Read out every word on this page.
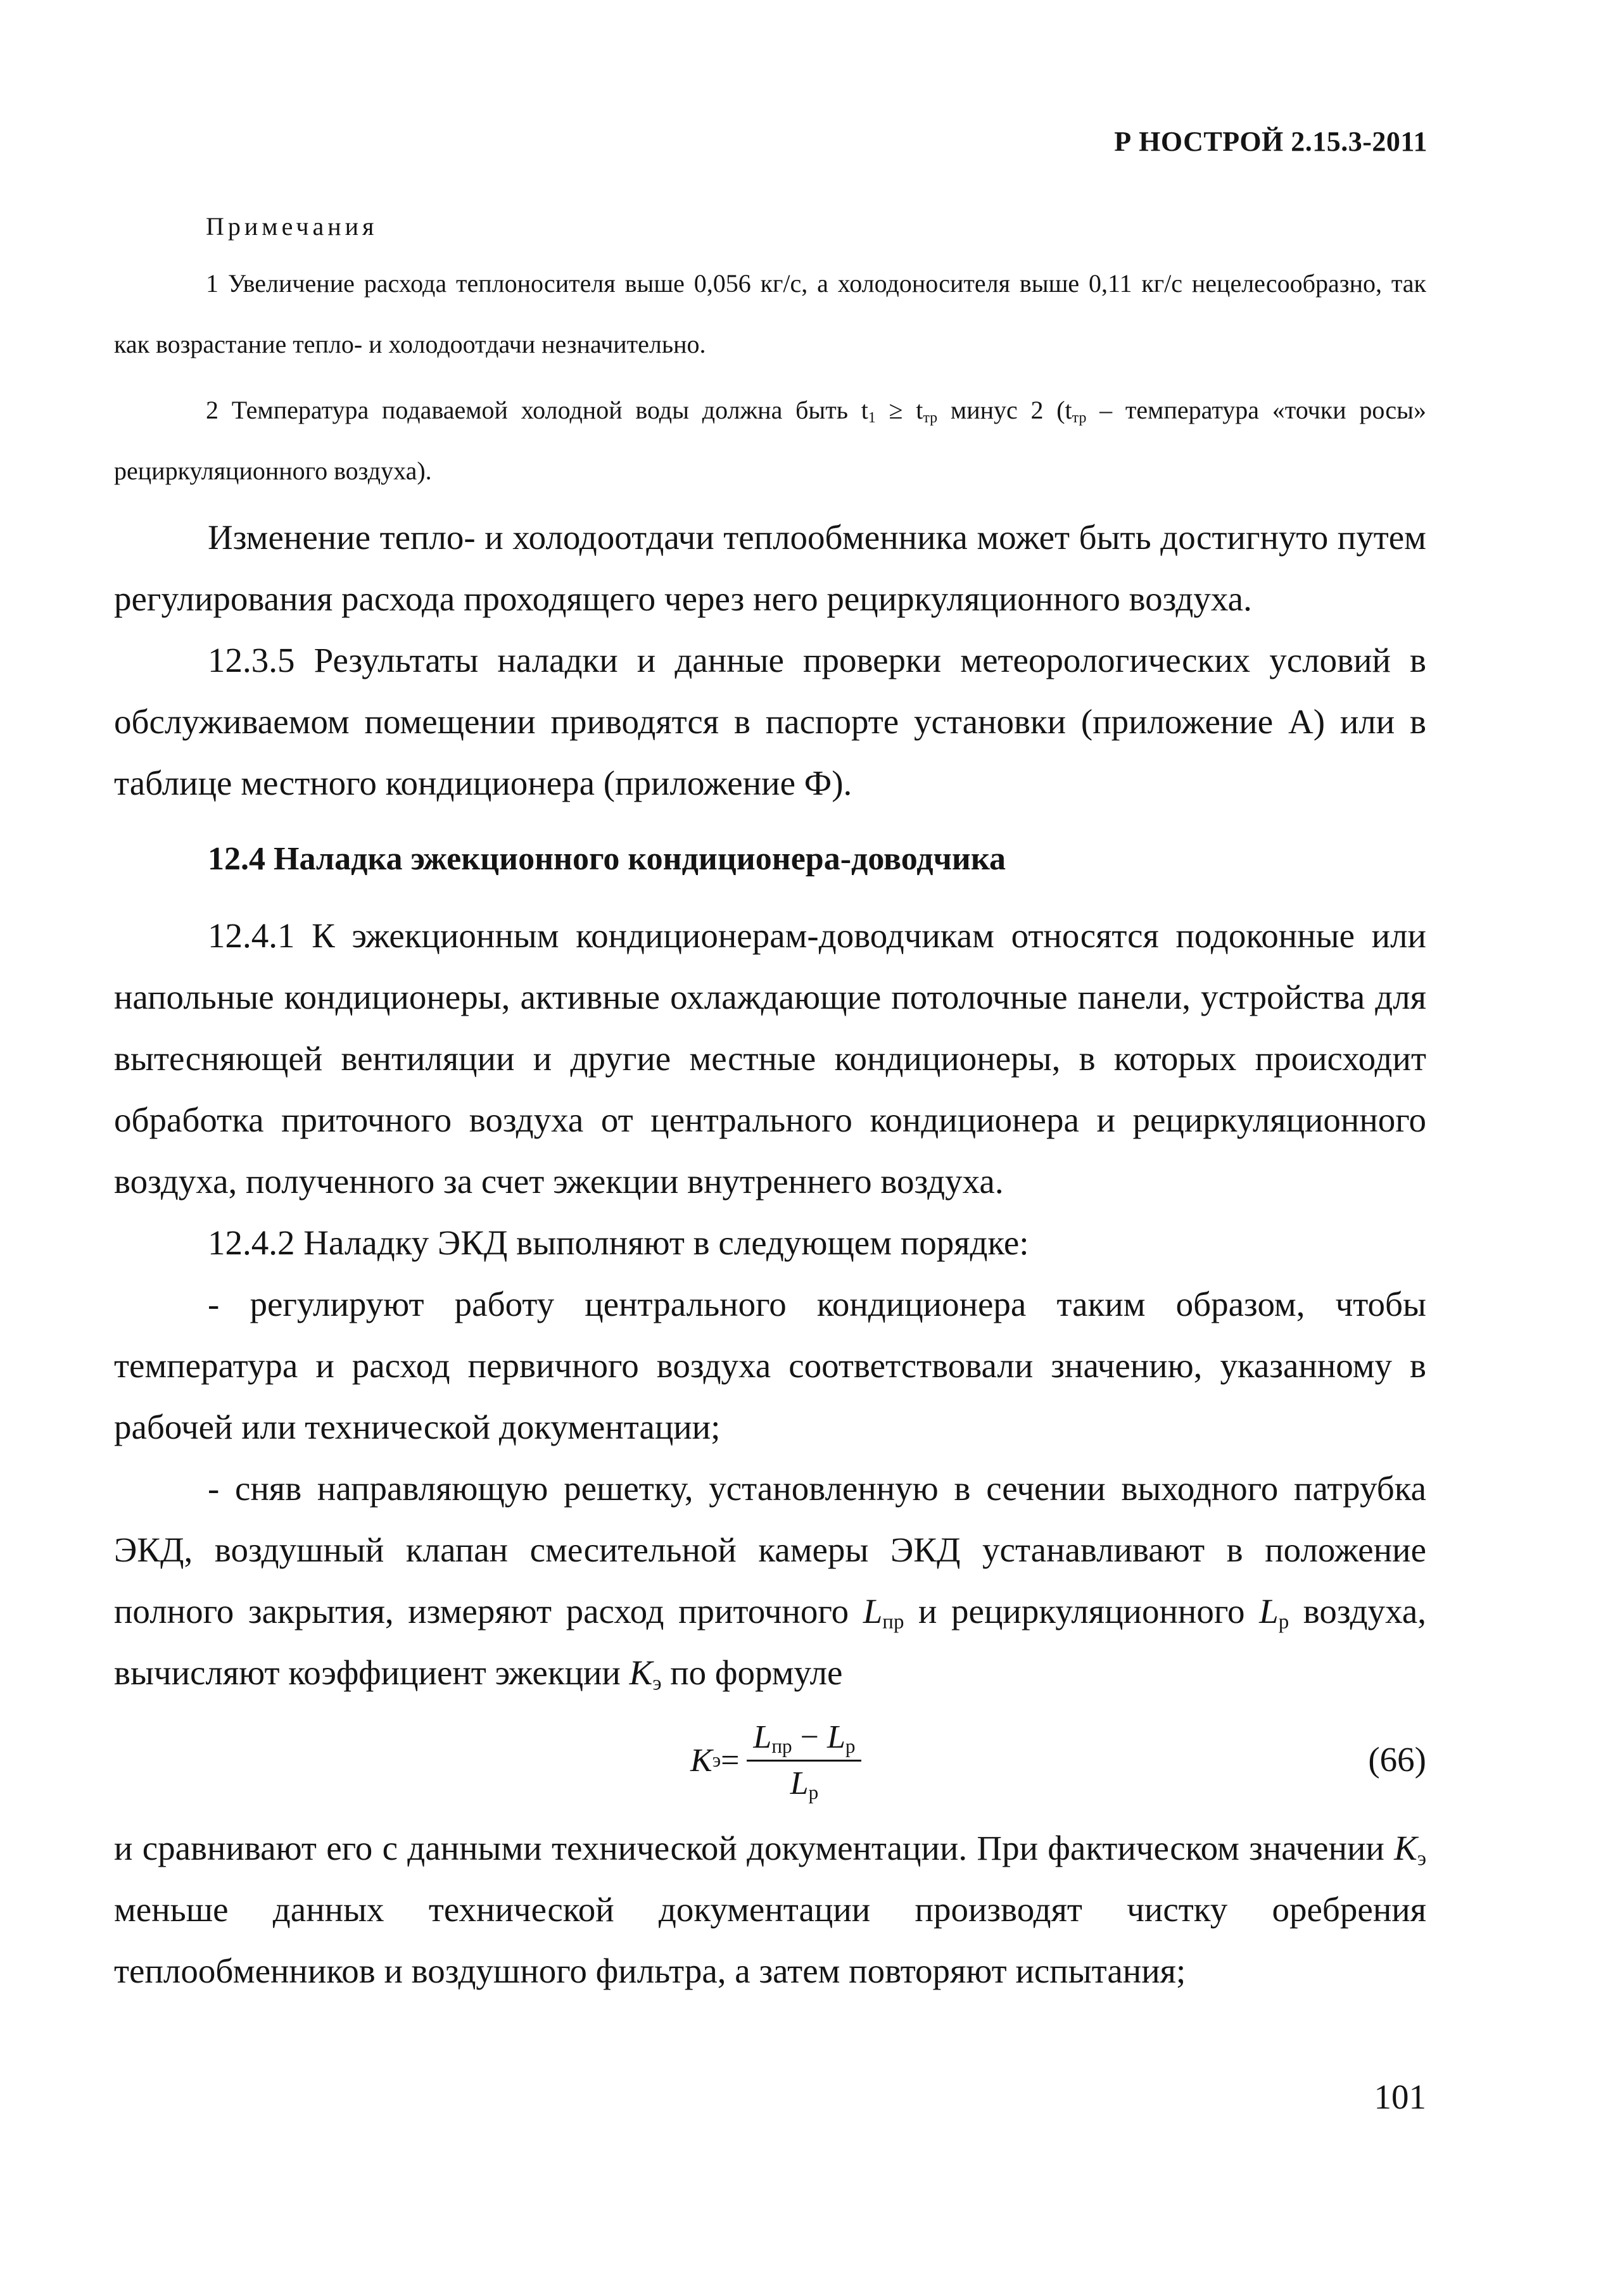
Р НОСТРОЙ 2.15.3-2011
Примечания

1 Увеличение расхода теплоносителя выше 0,056 кг/с, а холодоносителя выше 0,11 кг/с нецелесообразно, так как возрастание тепло- и холодоотдачи незначительно.

2 Температура подаваемой холодной воды должна быть $t_1 \ge t_{тр}$ минус 2 ($t_{тр}$ – температура «точки росы» рециркуляционного воздуха).

Изменение тепло- и холодоотдачи теплообменника может быть достигнуто путем регулирования расхода проходящего через него рециркуляционного воздуха.

12.3.5 Результаты наладки и данные проверки метеорологических условий в обслуживаемом помещении приводятся в паспорте установки (приложение А) или в таблице местного кондиционера (приложение Ф).

12.4 Наладка эжекционного кондиционера-доводчика

12.4.1 К эжекционным кондиционерам-доводчикам относятся подоконные или напольные кондиционеры, активные охлаждающие потолочные панели, устройства для вытесняющей вентиляции и другие местные кондиционеры, в которых происходит обработка приточного воздуха от центрального кондиционера и рециркуляционного воздуха, полученного за счет эжекции внутреннего воздуха.

12.4.2 Наладку ЭКД выполняют в следующем порядке:

- регулируют работу центрального кондиционера таким образом, чтобы температура и расход первичного воздуха соответствовали значению, указанному в рабочей или технической документации;

- сняв направляющую решетку, установленную в сечении выходного патрубка ЭКД, воздушный клапан смесительной камеры ЭКД устанавливают в положение полного закрытия, измеряют расход приточного $L_{пр}$ и рециркуляционного $L_р$ воздуха, вычисляют коэффициент эжекции $K_э$ по формуле

K $э = \frac{L_{пр} - L_р}{L_р}$	(66)

и сравнивают его с данными технической документации. При фактическом значении $K_э$ меньше данных технической документации производят чистку оребрения теплообменников и воздушного фильтра, а затем повторяют испытания;

101
